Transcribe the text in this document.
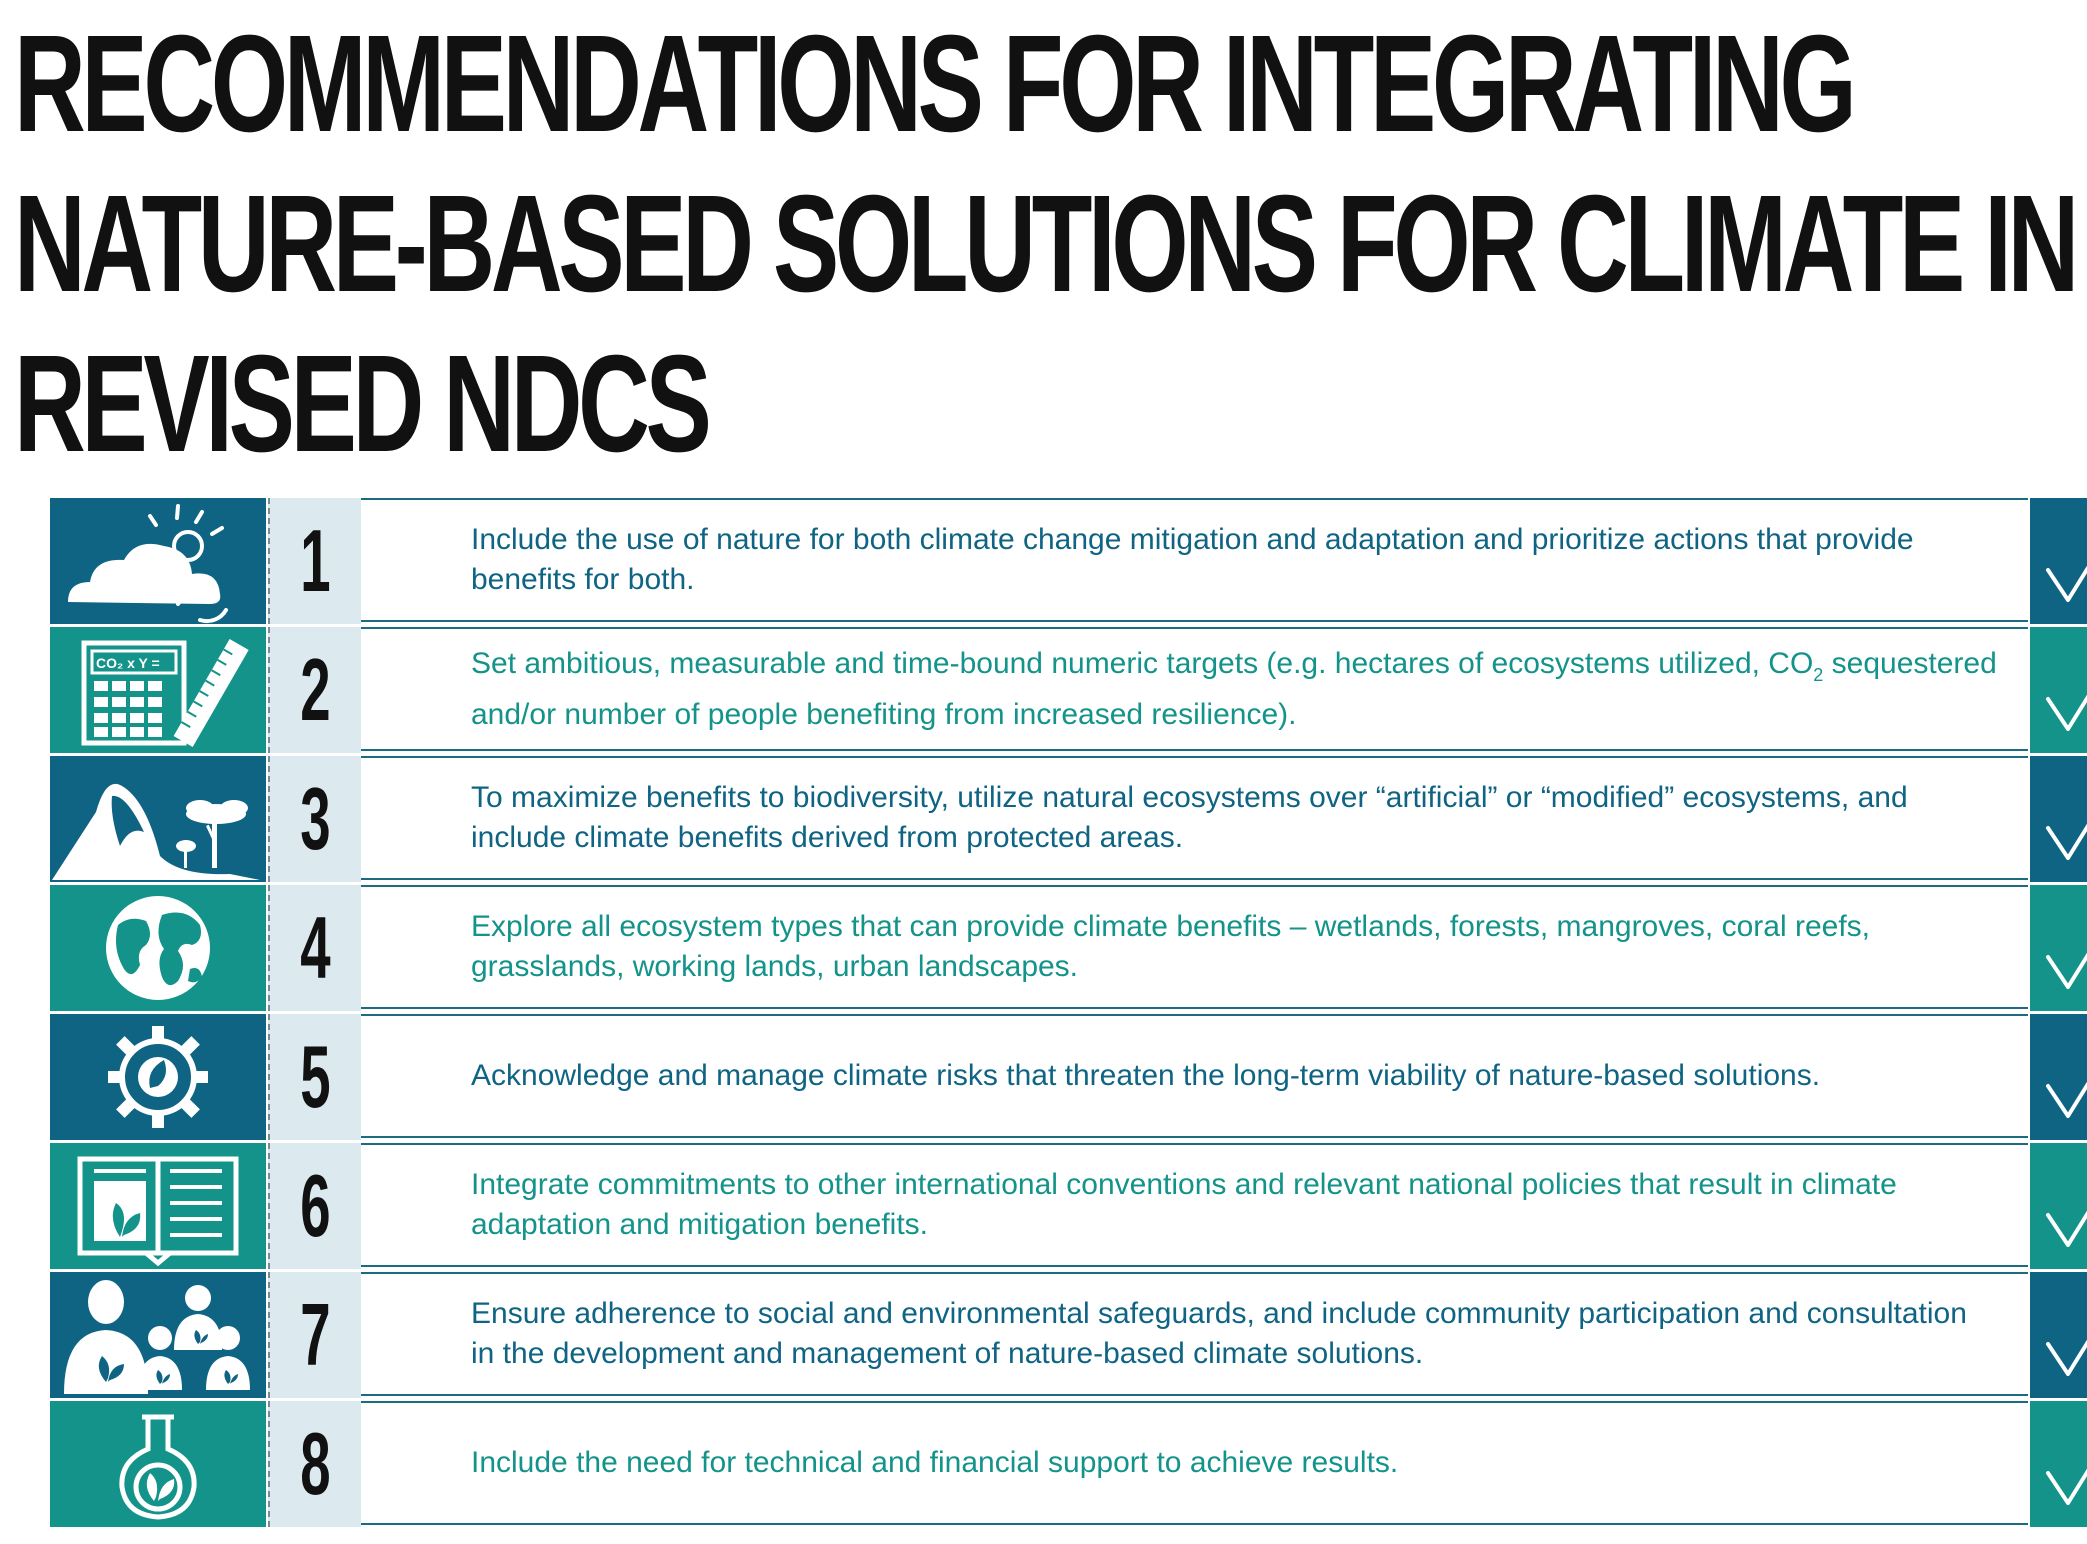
RECOMMENDATIONS FOR INTEGRATING
NATURE-BASED SOLUTIONS FOR CLIMATE IN
REVISED NDCS
1	Include the use of nature for both climate change mitigation and adaptation and prioritize actions that provide benefits for both.
CO₂ x Y = 2	Set ambitious, measurable and time-bound numeric targets (e.g. hectares of ecosystems utilized, $CO_2$ sequestered and/or number of people benefiting from increased resilience).
3	To maximize benefits to biodiversity, utilize natural ecosystems over “artificial” or “modified” ecosystems, and include climate benefits derived from protected areas.
4	Explore all ecosystem types that can provide climate benefits – wetlands, forests, mangroves, coral reefs, grasslands, working lands, urban landscapes.
5	Acknowledge and manage climate risks that threaten the long-term viability of nature-based solutions.
6	Integrate commitments to other international conventions and relevant national policies that result in climate adaptation and mitigation benefits.
7	Ensure adherence to social and environmental safeguards, and include community participation and consultation in the development and management of nature-based climate solutions.
8	Include the need for technical and financial support to achieve results.
